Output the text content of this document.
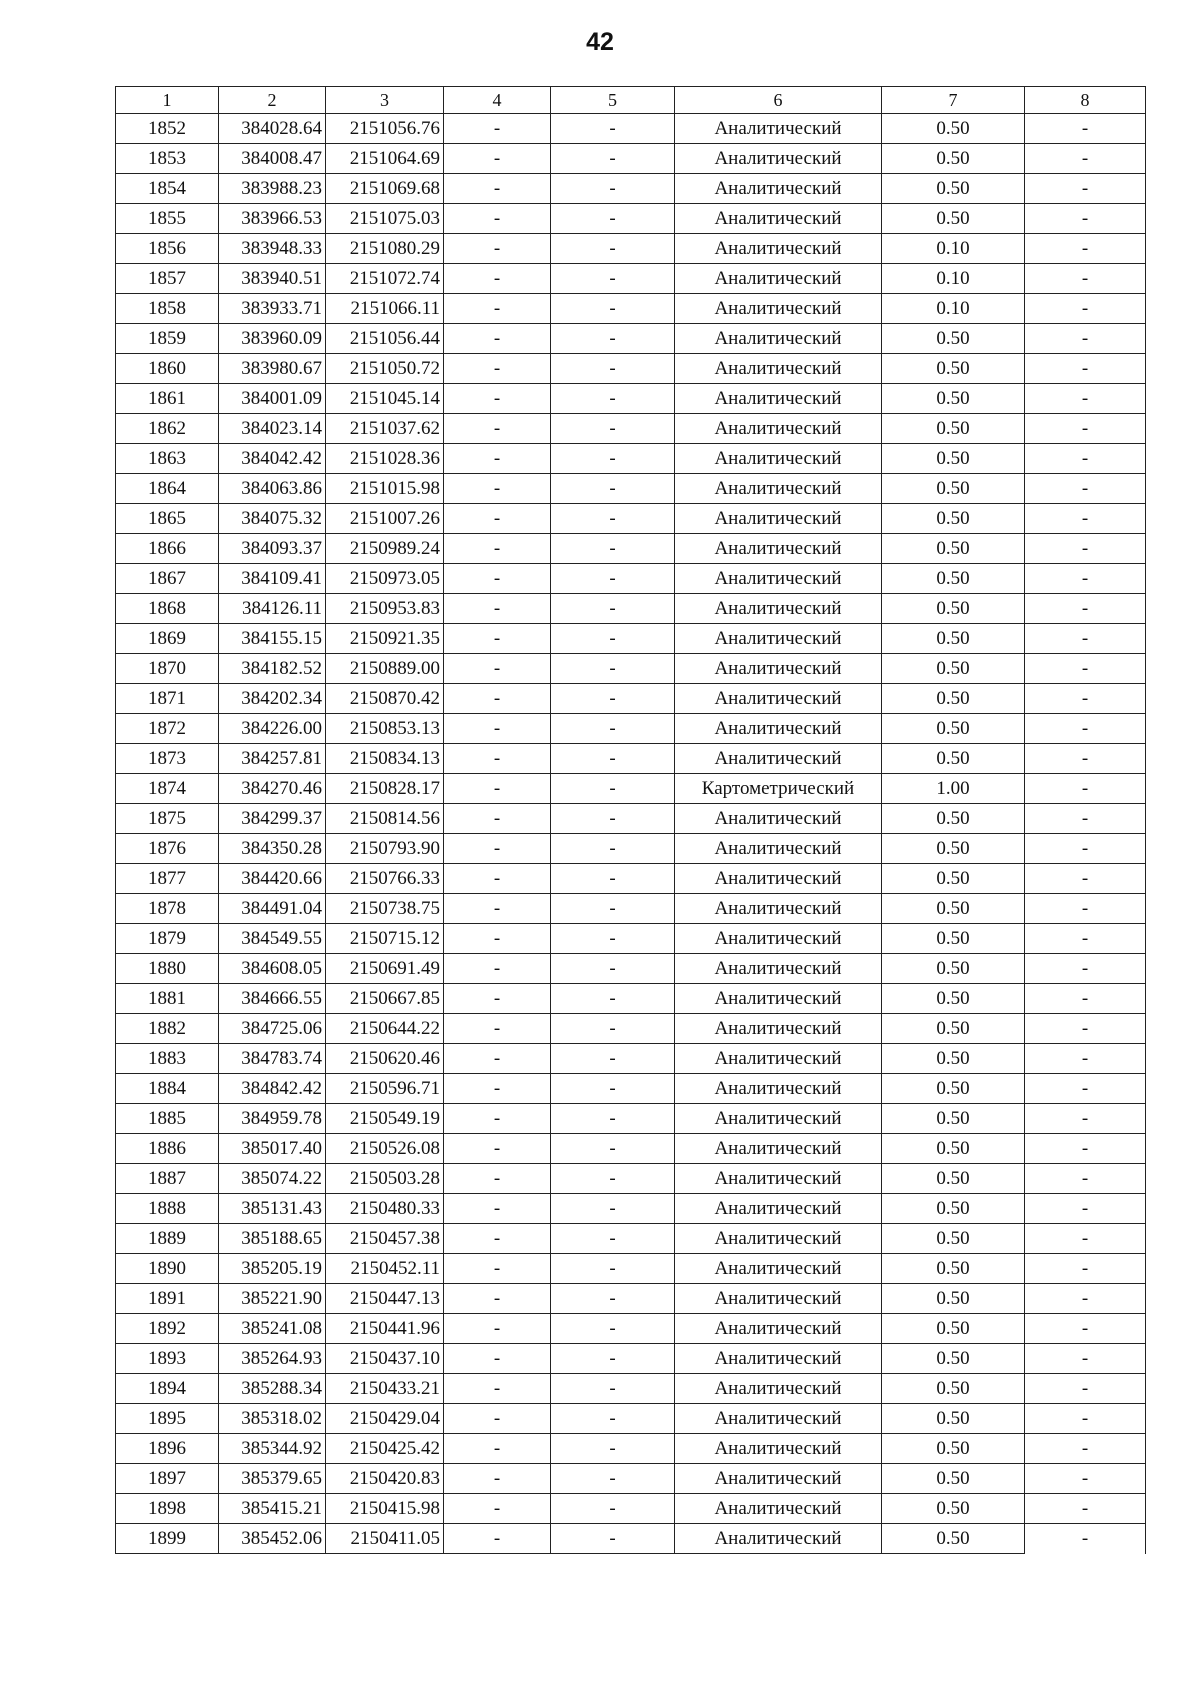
42
1	2	3	4	5	6	7	8
1852	384028.64	2151056.76	-	-	Аналитический	0.50	-
1853	384008.47	2151064.69	-	-	Аналитический	0.50	-
1854	383988.23	2151069.68	-	-	Аналитический	0.50	-
1855	383966.53	2151075.03	-	-	Аналитический	0.50	-
1856	383948.33	2151080.29	-	-	Аналитический	0.10	-
1857	383940.51	2151072.74	-	-	Аналитический	0.10	-
1858	383933.71	2151066.11	-	-	Аналитический	0.10	-
1859	383960.09	2151056.44	-	-	Аналитический	0.50	-
1860	383980.67	2151050.72	-	-	Аналитический	0.50	-
1861	384001.09	2151045.14	-	-	Аналитический	0.50	-
1862	384023.14	2151037.62	-	-	Аналитический	0.50	-
1863	384042.42	2151028.36	-	-	Аналитический	0.50	-
1864	384063.86	2151015.98	-	-	Аналитический	0.50	-
1865	384075.32	2151007.26	-	-	Аналитический	0.50	-
1866	384093.37	2150989.24	-	-	Аналитический	0.50	-
1867	384109.41	2150973.05	-	-	Аналитический	0.50	-
1868	384126.11	2150953.83	-	-	Аналитический	0.50	-
1869	384155.15	2150921.35	-	-	Аналитический	0.50	-
1870	384182.52	2150889.00	-	-	Аналитический	0.50	-
1871	384202.34	2150870.42	-	-	Аналитический	0.50	-
1872	384226.00	2150853.13	-	-	Аналитический	0.50	-
1873	384257.81	2150834.13	-	-	Аналитический	0.50	-
1874	384270.46	2150828.17	-	-	Картометрический	1.00	-
1875	384299.37	2150814.56	-	-	Аналитический	0.50	-
1876	384350.28	2150793.90	-	-	Аналитический	0.50	-
1877	384420.66	2150766.33	-	-	Аналитический	0.50	-
1878	384491.04	2150738.75	-	-	Аналитический	0.50	-
1879	384549.55	2150715.12	-	-	Аналитический	0.50	-
1880	384608.05	2150691.49	-	-	Аналитический	0.50	-
1881	384666.55	2150667.85	-	-	Аналитический	0.50	-
1882	384725.06	2150644.22	-	-	Аналитический	0.50	-
1883	384783.74	2150620.46	-	-	Аналитический	0.50	-
1884	384842.42	2150596.71	-	-	Аналитический	0.50	-
1885	384959.78	2150549.19	-	-	Аналитический	0.50	-
1886	385017.40	2150526.08	-	-	Аналитический	0.50	-
1887	385074.22	2150503.28	-	-	Аналитический	0.50	-
1888	385131.43	2150480.33	-	-	Аналитический	0.50	-
1889	385188.65	2150457.38	-	-	Аналитический	0.50	-
1890	385205.19	2150452.11	-	-	Аналитический	0.50	-
1891	385221.90	2150447.13	-	-	Аналитический	0.50	-
1892	385241.08	2150441.96	-	-	Аналитический	0.50	-
1893	385264.93	2150437.10	-	-	Аналитический	0.50	-
1894	385288.34	2150433.21	-	-	Аналитический	0.50	-
1895	385318.02	2150429.04	-	-	Аналитический	0.50	-
1896	385344.92	2150425.42	-	-	Аналитический	0.50	-
1897	385379.65	2150420.83	-	-	Аналитический	0.50	-
1898	385415.21	2150415.98	-	-	Аналитический	0.50	-
1899	385452.06	2150411.05	-	-	Аналитический	0.50	-
